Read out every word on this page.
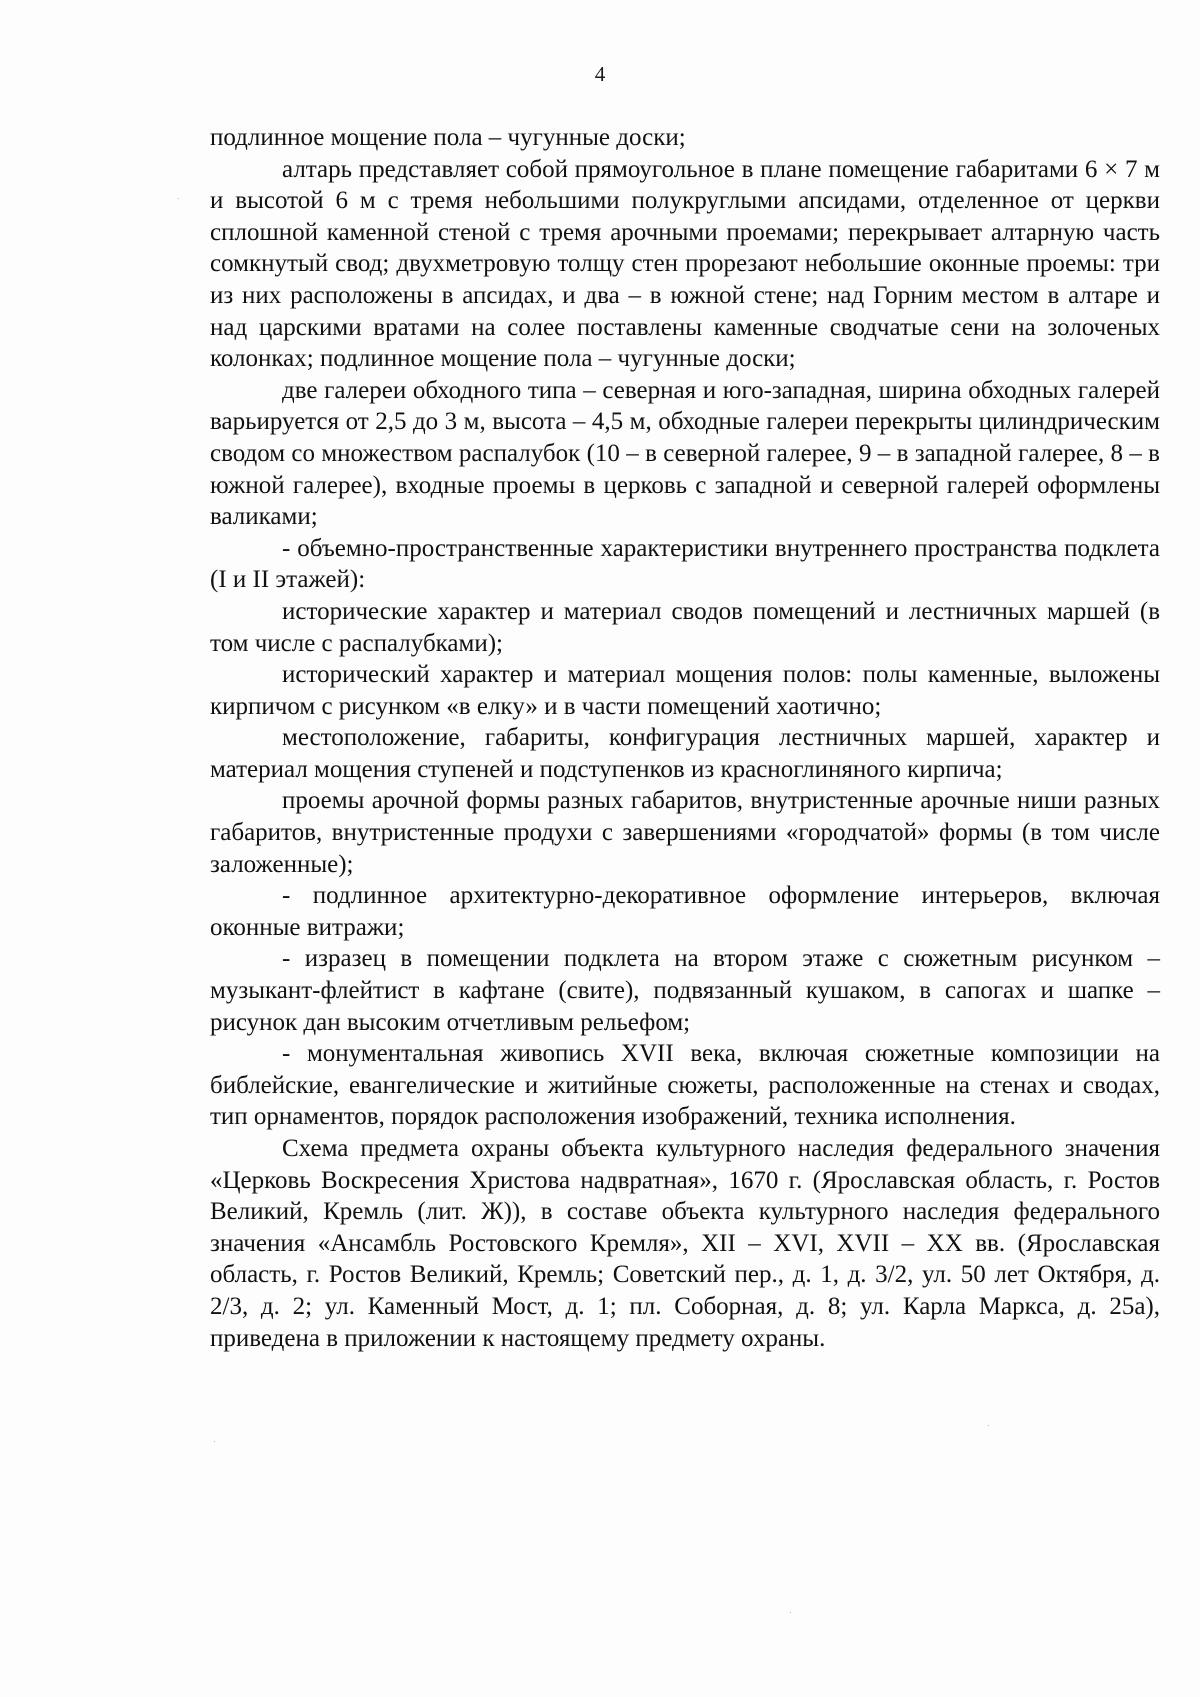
4

подлинное мощение пола – чугунные доски;

алтарь представляет собой прямоугольное в плане помещение габаритами 6 × 7 м и высотой 6 м с тремя небольшими полукруглыми апсидами, отделенное от церкви сплошной каменной стеной с тремя арочными проемами; перекрывает алтарную часть сомкнутый свод; двухметровую толщу стен прорезают небольшие оконные проемы: три из них расположены в апсидах, и два – в южной стене; над Горним местом в алтаре и над царскими вратами на солее поставлены каменные сводчатые сени на золоченых колонках; подлинное мощение пола – чугунные доски;

две галереи обходного типа – северная и юго-западная, ширина обходных галерей варьируется от 2,5 до 3 м, высота – 4,5 м, обходные галереи перекрыты цилиндрическим сводом со множеством распалубок (10 – в северной галерее, 9 – в западной галерее, 8 – в южной галерее), входные проемы в церковь с западной и северной галерей оформлены валиками;

- объемно-пространственные характеристики внутреннего пространства подклета (I и II этажей):

исторические характер и материал сводов помещений и лестничных маршей (в том числе с распалубками);

исторический характер и материал мощения полов: полы каменные, выложены кирпичом с рисунком «в елку» и в части помещений хаотично;

местоположение, габариты, конфигурация лестничных маршей, характер и материал мощения ступеней и подступенков из красноглиняного кирпича;

проемы арочной формы разных габаритов, внутристенные арочные ниши разных габаритов, внутристенные продухи с завершениями «городчатой» формы (в том числе заложенные);

- подлинное архитектурно-декоративное оформление интерьеров, включая оконные витражи;

- изразец в помещении подклета на втором этаже с сюжетным рисунком – музыкант-флейтист в кафтане (свите), подвязанный кушаком, в сапогах и шапке – рисунок дан высоким отчетливым рельефом;

- монументальная живопись XVII века, включая сюжетные композиции на библейские, евангелические и житийные сюжеты, расположенные на стенах и сводах, тип орнаментов, порядок расположения изображений, техника исполнения.

Схема предмета охраны объекта культурного наследия федерального значения «Церковь Воскресения Христова надвратная», 1670 г. (Ярославская область, г. Ростов Великий, Кремль (лит. Ж)), в составе объекта культурного наследия федерального значения «Ансамбль Ростовского Кремля», XII – XVI, XVII – XX вв. (Ярославская область, г. Ростов Великий, Кремль; Советский пер., д. 1, д. 3/2, ул. 50 лет Октября, д. 2/3, д. 2; ул. Каменный Мост, д. 1; пл. Соборная, д. 8; ул. Карла Маркса, д. 25а), приведена в приложении к настоящему предмету охраны.
